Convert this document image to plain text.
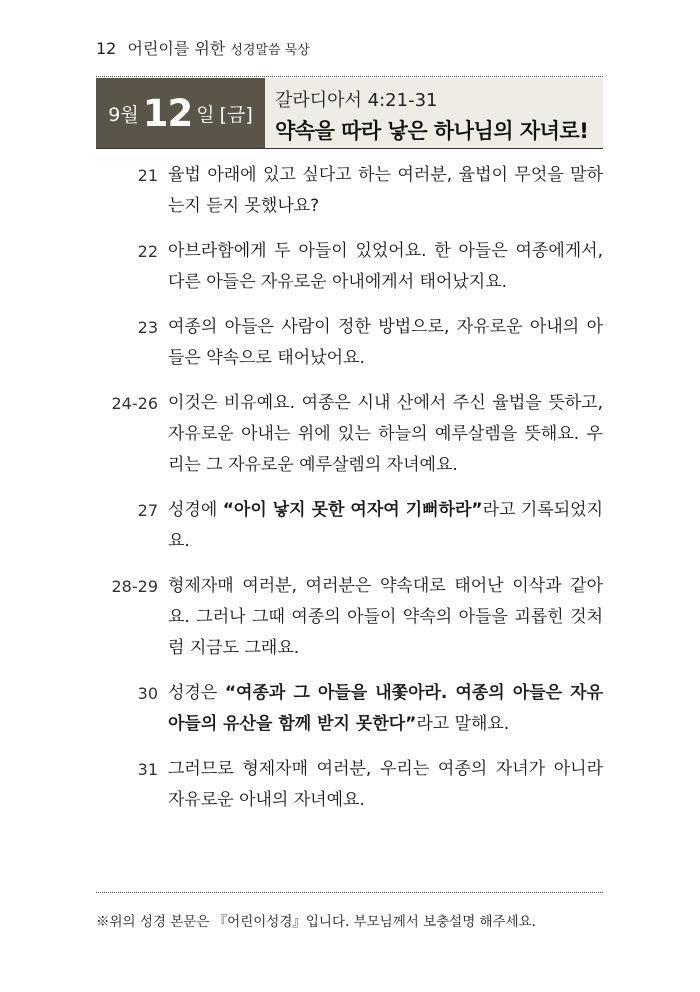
12 어린이를 위한 성경말씀 묵상
9월 12 일 [금]
갈라디아서 4:21-31
약속을 따라 낳은 하나님의 자녀로!
21 율법 아래에 있고 싶다고 하는 여러분, 율법이 무엇을 말하는지 듣지 못했나요?
22 아브라함에게 두 아들이 있었어요. 한 아들은 여종에게서, 다른 아들은 자유로운 아내에게서 태어났지요.
23 여종의 아들은 사람이 정한 방법으로, 자유로운 아내의 아들은 약속으로 태어났어요.
24-26 이것은 비유예요. 여종은 시내 산에서 주신 율법을 뜻하고, 자유로운 아내는 위에 있는 하늘의 예루살렘을 뜻해요. 우리는 그 자유로운 예루살렘의 자녀예요.
27 성경에 “아이 낳지 못한 여자여 기뻐하라”라고 기록되었지요.
28-29 형제자매 여러분, 여러분은 약속대로 태어난 이삭과 같아요. 그러나 그때 여종의 아들이 약속의 아들을 괴롭힌 것처럼 지금도 그래요.
30 성경은 “여종과 그 아들을 내쫓아라. 여종의 아들은 자유 아들의 유산을 함께 받지 못한다”라고 말해요.
31 그러므로 형제자매 여러분, 우리는 여종의 자녀가 아니라 자유로운 아내의 자녀예요.
※위의 성경 본문은 『어린이성경』입니다. 부모님께서 보충설명 해주세요.
